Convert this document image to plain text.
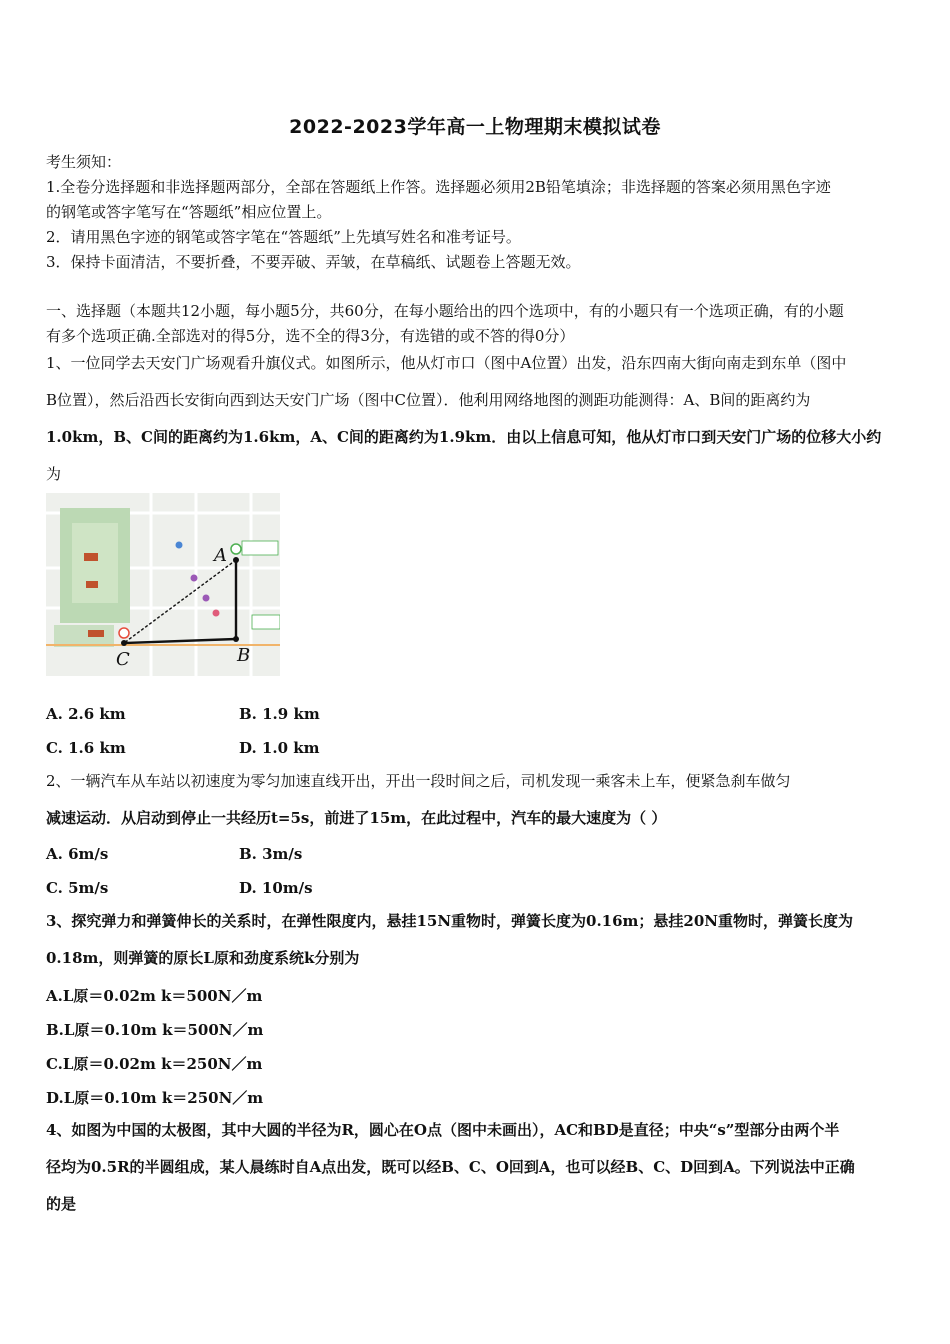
2022-2023学年高一上物理期末模拟试卷
考生须知：
1.全卷分选择题和非选择题两部分，全部在答题纸上作答。选择题必须用2B铅笔填涂；非选择题的答案必须用黑色字迹
的钢笔或答字笔写在“答题纸”相应位置上。
2．请用黑色字迹的钢笔或答字笔在“答题纸”上先填写姓名和准考证号。
3．保持卡面清洁，不要折叠，不要弄破、弄皱，在草稿纸、试题卷上答题无效。
一、选择题（本题共12小题，每小题5分，共60分，在每小题给出的四个选项中，有的小题只有一个选项正确，有的小题
有多个选项正确.全部选对的得5分，选不全的得3分，有选错的或不答的得0分）
1、一位同学去天安门广场观看升旗仪式。如图所示，他从灯市口（图中A位置）出发，沿东四南大街向南走到东单（图中
B位置），然后沿西长安街向西到达天安门广场（图中C位置）．他利用网络地图的测距功能测得：A、B间的距离约为
1.0km，B、C间的距离约为1.6km，A、C间的距离约为1.9km．由以上信息可知，他从灯市口到天安门广场的位移大小约
为
A
B
C
A. 2.6 km	B. 1.9 km
C. 1.6 km	D. 1.0 km
2、一辆汽车从车站以初速度为零匀加速直线开出，开出一段时间之后，司机发现一乘客未上车，便紧急刹车做匀
减速运动．从启动到停止一共经历t=5s，前进了15m，在此过程中，汽车的最大速度为（ ）
A. 6m/s	B. 3m/s
C. 5m/s	D. 10m/s
3、探究弹力和弹簧伸长的关系时，在弹性限度内，悬挂15N重物时，弹簧长度为0.16m；悬挂20N重物时，弹簧长度为
0.18m，则弹簧的原长L原和劲度系统k分别为
A.L原＝0.02m k＝500N／m
B.L原＝0.10m k＝500N／m
C.L原＝0.02m k＝250N／m
D.L原＝0.10m k＝250N／m
4、如图为中国的太极图，其中大圆的半径为R，圆心在O点（图中未画出），AC和BD是直径；中央“s”型部分由两个半
径均为0.5R的半圆组成，某人晨练时自A点出发，既可以经B、C、O回到A，也可以经B、C、D回到A。下列说法中正确
的是
